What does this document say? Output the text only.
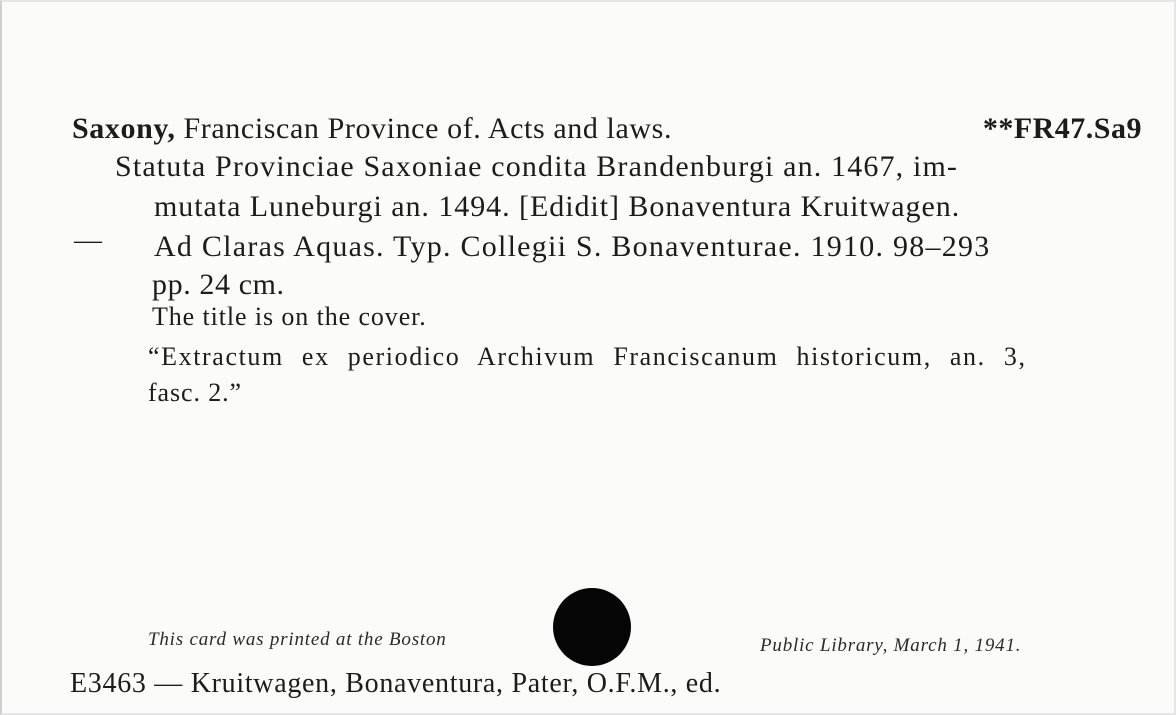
Saxony, Franciscan Province of. Acts and laws.	**FR47.Sa9
Statuta Provinciae Saxoniae condita Brandenburgi an. 1467, im-
mutata Luneburgi an. 1494. [Edidit] Bonaventura Kruitwagen.
— Ad Claras Aquas. Typ. Collegii S. Bonaventurae. 1910. 98–293
pp. 24 cm.
The title is on the cover.
“Extractum ex periodico Archivum Franciscanum historicum, an. 3,
fasc. 2.”
This card was printed at the Boston	Public Library, March 1, 1941.
E3463 — Kruitwagen, Bonaventura, Pater, O.F.M., ed.
